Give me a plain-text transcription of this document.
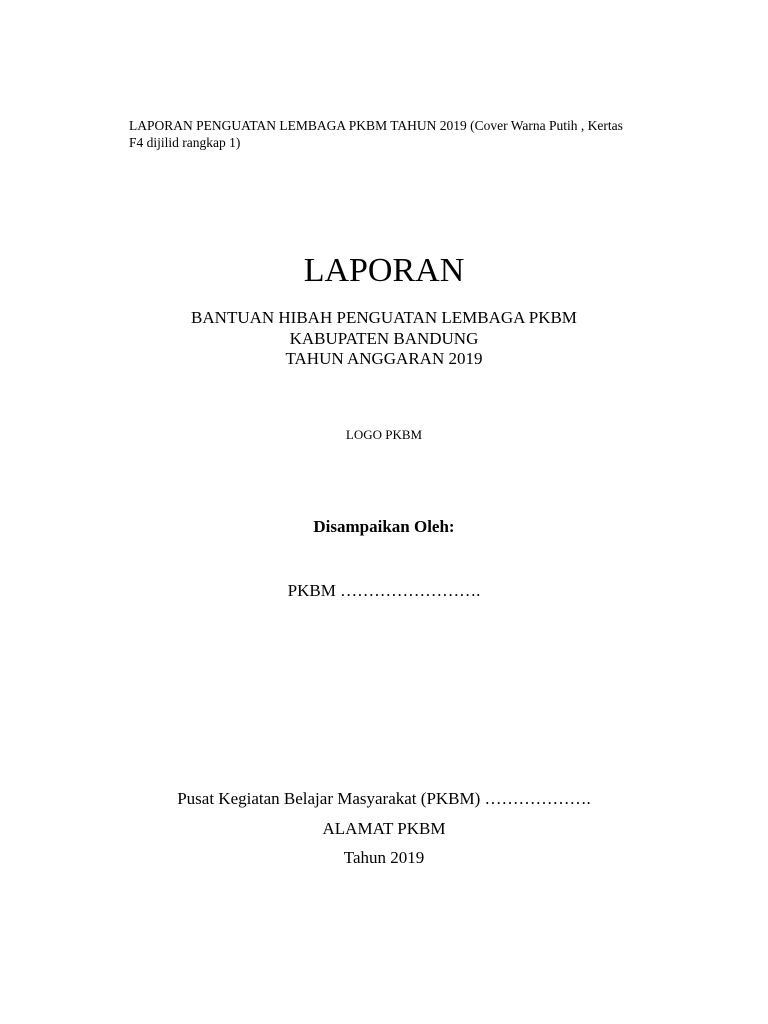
LAPORAN PENGUATAN LEMBAGA PKBM TAHUN 2019 (Cover Warna Putih , Kertas
F4 dijilid rangkap 1)
LAPORAN
BANTUAN HIBAH PENGUATAN LEMBAGA PKBM
KABUPATEN BANDUNG
TAHUN ANGGARAN 2019
LOGO PKBM
Disampaikan Oleh:
PKBM …………………….
Pusat Kegiatan Belajar Masyarakat (PKBM) ……………….
ALAMAT PKBM
Tahun 2019
